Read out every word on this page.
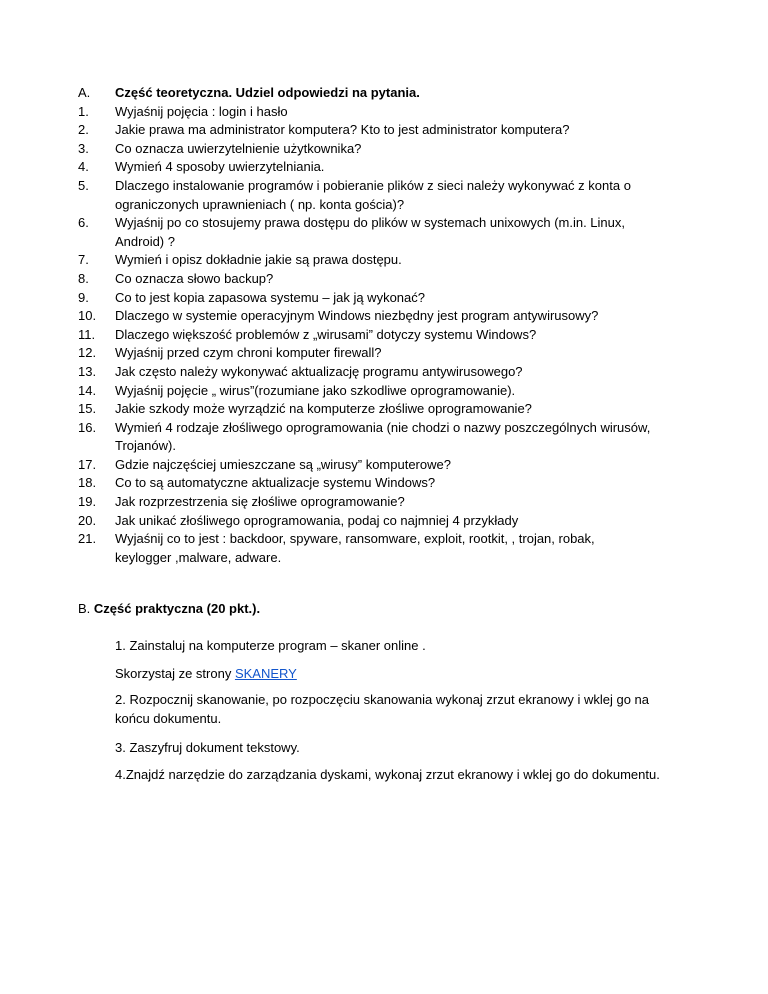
A.	Część teoretyczna. Udziel odpowiedzi na pytania.
1.	Wyjaśnij pojęcia : login i hasło
2.	Jakie prawa ma administrator komputera? Kto to jest administrator komputera?
3.	Co oznacza uwierzytelnienie użytkownika?
4.	Wymień 4 sposoby uwierzytelniania.
5.	Dlaczego instalowanie programów i pobieranie plików z sieci należy wykonywać z konta o
ograniczonych uprawnieniach ( np. konta gościa)?
6.	Wyjaśnij po co stosujemy prawa dostępu do plików w systemach unixowych (m.in. Linux,
Android) ?
7.	Wymień i opisz dokładnie jakie są prawa dostępu.
8.	Co oznacza słowo backup?
9.	Co to jest kopia zapasowa systemu – jak ją wykonać?
10.	Dlaczego w systemie operacyjnym Windows niezbędny jest program antywirusowy?
11.	Dlaczego większość problemów z „wirusami” dotyczy systemu Windows?
12.	Wyjaśnij przed czym chroni komputer firewall?
13.	Jak często należy wykonywać aktualizację programu antywirusowego?
14.	Wyjaśnij pojęcie „ wirus”(rozumiane jako szkodliwe oprogramowanie).
15.	Jakie szkody może wyrządzić na komputerze złośliwe oprogramowanie?
16.	Wymień 4 rodzaje złośliwego oprogramowania (nie chodzi o nazwy poszczególnych wirusów,
Trojanów).
17.	Gdzie najczęściej umieszczane są „wirusy” komputerowe?
18.	Co to są automatyczne aktualizacje systemu Windows?
19.	Jak rozprzestrzenia się złośliwe oprogramowanie?
20.	Jak unikać złośliwego oprogramowania, podaj co najmniej 4 przykłady
21.	Wyjaśnij co to jest : backdoor, spyware, ransomware, exploit, rootkit, , trojan, robak,
keylogger ,malware, adware.
B. Część praktyczna (20 pkt.).
1. Zainstaluj na komputerze program – skaner online .
Skorzystaj ze strony SKANERY
2. Rozpocznij skanowanie, po rozpoczęciu skanowania wykonaj zrzut ekranowy i wklej go na
końcu dokumentu.
3. Zaszyfruj dokument tekstowy.
4.Znajdź narzędzie do zarządzania dyskami, wykonaj zrzut ekranowy i wklej go do dokumentu.
